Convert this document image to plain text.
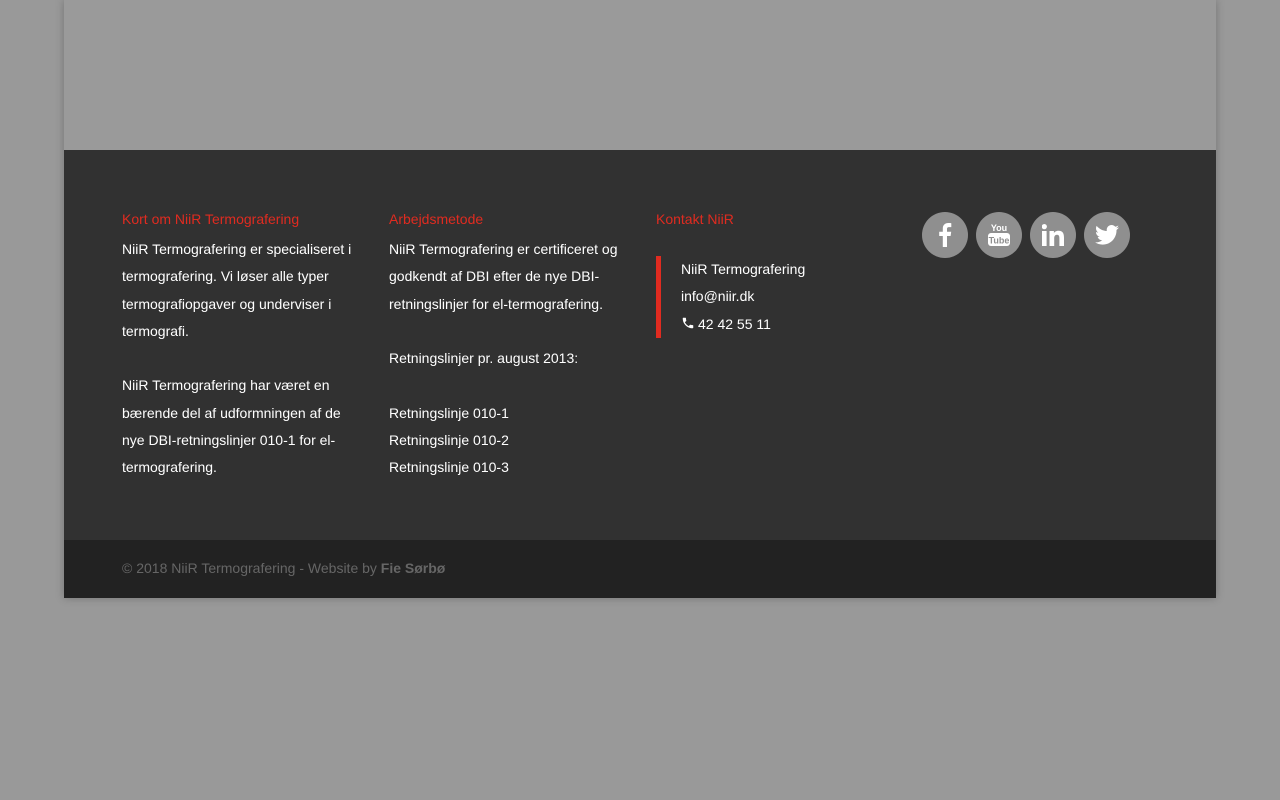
Kort om NiiR Termografering

NiiR Termografering er specialiseret i termografering. Vi løser alle typer termografiopgaver og underviser i termografi.

NiiR Termografering har været en bærende del af udformningen af de nye DBI-retningslinjer 010-1 for el-termografering.

Arbejdsmetode

NiiR Termografering er certificeret og godkendt af DBI efter de nye DBI-retningslinjer for el-termografering.

Retningslinjer pr. august 2013:

Retningslinje 010-1

Retningslinje 010-2

Retningslinje 010-3

Kontakt NiiR

NiiR Termografering

info@niir.dk

42 42 55 11

You
Tube
© 2018 NiiR Termografering - Website by Fie Sørbø
